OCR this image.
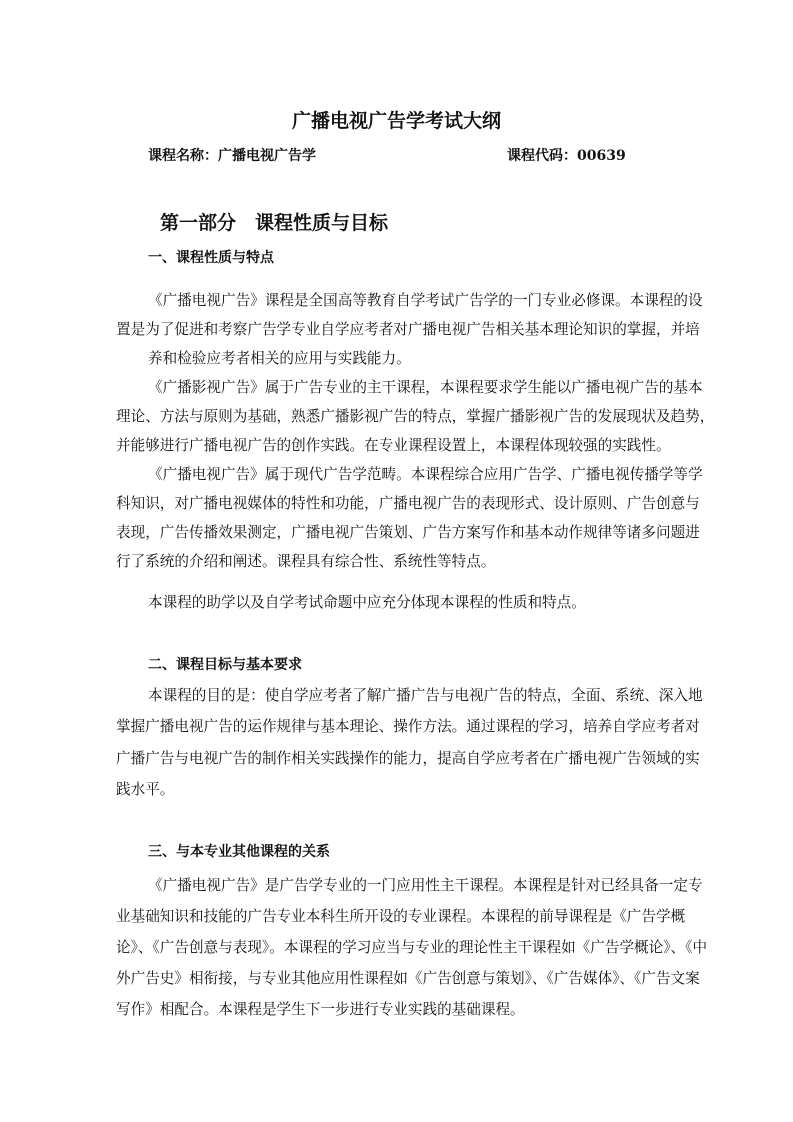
广播电视广告学考试大纲
课程名称：广播电视广告学	课程代码：00639
第一部分　课程性质与目标
一、课程性质与特点
《广播电视广告》课程是全国高等教育自学考试广告学的一门专业必修课。本课程的设
置是为了促进和考察广告学专业自学应考者对广播电视广告相关基本理论知识的掌握，并培
养和检验应考者相关的应用与实践能力。
《广播影视广告》属于广告专业的主干课程，本课程要求学生能以广播电视广告的基本
理论、方法与原则为基础，熟悉广播影视广告的特点，掌握广播影视广告的发展现状及趋势，
并能够进行广播电视广告的创作实践。在专业课程设置上，本课程体现较强的实践性。
《广播电视广告》属于现代广告学范畴。本课程综合应用广告学、广播电视传播学等学
科知识，对广播电视媒体的特性和功能，广播电视广告的表现形式、设计原则、广告创意与
表现，广告传播效果测定，广播电视广告策划、广告方案写作和基本动作规律等诸多问题进
行了系统的介绍和阐述。课程具有综合性、系统性等特点。
本课程的助学以及自学考试命题中应充分体现本课程的性质和特点。
二、课程目标与基本要求
本课程的目的是：使自学应考者了解广播广告与电视广告的特点，全面、系统、深入地
掌握广播电视广告的运作规律与基本理论、操作方法。通过课程的学习，培养自学应考者对
广播广告与电视广告的制作相关实践操作的能力，提高自学应考者在广播电视广告领域的实
践水平。
三、与本专业其他课程的关系
《广播电视广告》是广告学专业的一门应用性主干课程。本课程是针对已经具备一定专
业基础知识和技能的广告专业本科生所开设的专业课程。本课程的前导课程是《广告学概
论》、《广告创意与表现》。本课程的学习应当与专业的理论性主干课程如《广告学概论》、《中
外广告史》相衔接，与专业其他应用性课程如《广告创意与策划》、《广告媒体》、《广告文案
写作》相配合。本课程是学生下一步进行专业实践的基础课程。
